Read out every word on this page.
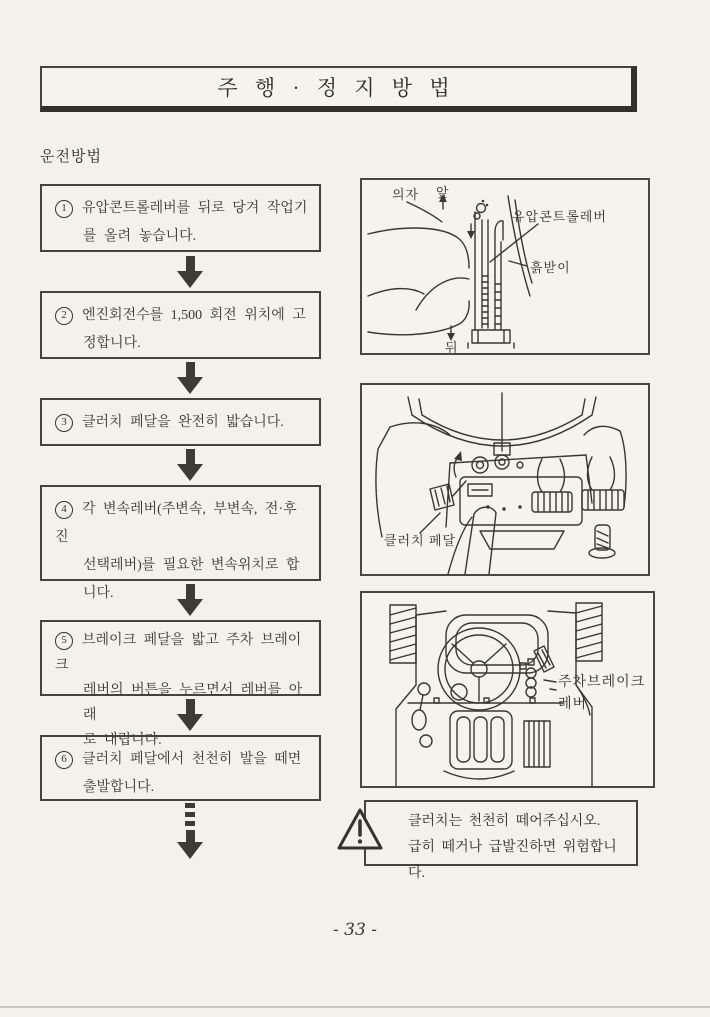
주 행 · 정 지 방 법
운전방법
1 유압콘트롤레버를 뒤로 당겨 작업기
를 올려 놓습니다.
2 엔진회전수를 1,500 회전 위치에 고
정합니다.
3 클러치 페달을 완전히 밟습니다.
4 각 변속레버(주변속, 부변속, 전·후진
선택레버)를 필요한 변속위치로 합
니다.
5 브레이크 페달을 밟고 주차 브레이크
레버의 버튼을 누르면서 레버를 아래
로 내립니다.
6 클러치 페달에서 천천히 발을 떼면
출발합니다.
의자 앞
유압콘트롤레버
흙받이
뒤
클러치 페달
주차브레이크
레버
클러치는 천천히 떼어주십시오.
급히 떼거나 급발진하면 위험합니다.
- 33 -
